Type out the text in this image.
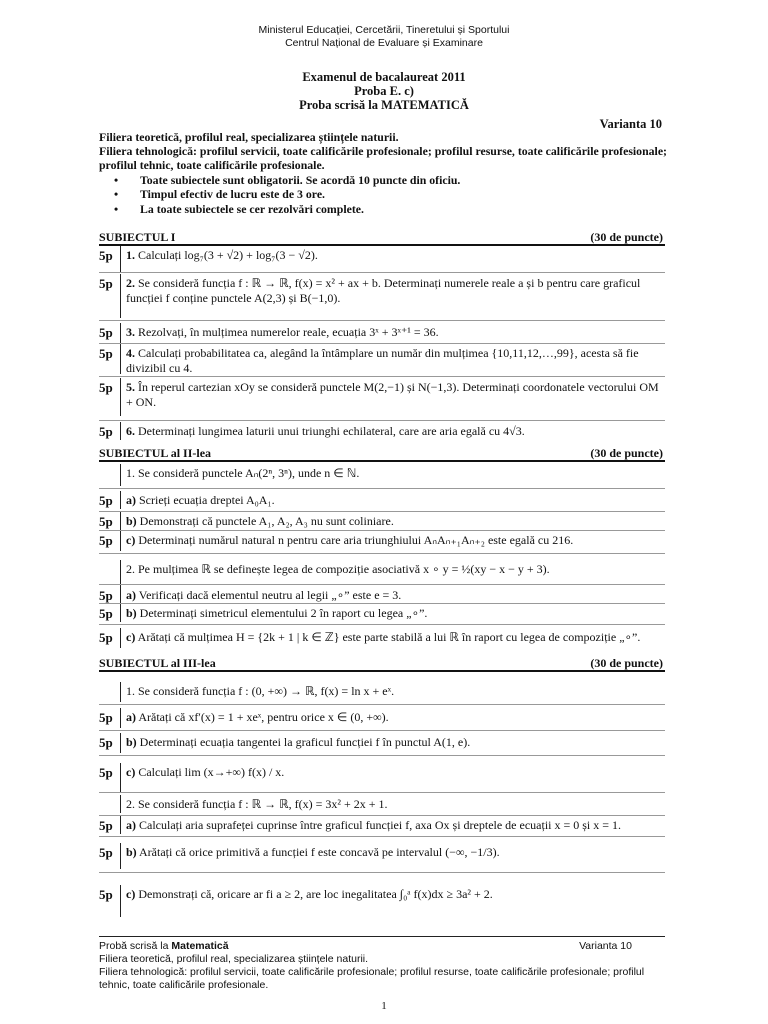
Ministerul Educației, Cercetării, Tineretului și Sportului
Centrul Național de Evaluare și Examinare
Examenul de bacalaureat 2011
Proba E. c)
Proba scrisă la MATEMATICĂ
Varianta 10
Filiera teoretică, profilul real, specializarea științele naturii.
Filiera tehnologică: profilul servicii, toate calificările profesionale; profilul resurse, toate calificările profesionale; profilul tehnic, toate calificările profesionale.
• Toate subiectele sunt obligatorii. Se acordă 10 puncte din oficiu.
• Timpul efectiv de lucru este de 3 ore.
• La toate subiectele se cer rezolvări complete.
SUBIECTUL I	(30 de puncte)
5p 1. Calculați log₇(3 + √2) + log₇(3 − √2).
5p 2. Se consideră funcția f : ℝ → ℝ, f(x) = x² + ax + b. Determinați numerele reale a și b pentru care graficul funcției f conține punctele A(2,3) și B(−1,0).
5p 3. Rezolvați, în mulțimea numerelor reale, ecuația 3ˣ + 3ˣ⁺¹ = 36.
5p 4. Calculați probabilitatea ca, alegând la întâmplare un număr din mulțimea {10,11,12,…,99}, acesta să fie divizibil cu 4.
5p 5. În reperul cartezian xOy se consideră punctele M(2,−1) și N(−1,3). Determinați coordonatele vectorului OM + ON.
5p 6. Determinați lungimea laturii unui triunghi echilateral, care are aria egală cu 4√3.
SUBIECTUL al II-lea	(30 de puncte)
1. Se consideră punctele Aₙ(2ⁿ, 3ⁿ), unde n ∈ ℕ.
5p a) Scrieți ecuația dreptei A₀A₁.
5p b) Demonstrați că punctele A₁, A₂, A₃ nu sunt coliniare.
5p c) Determinați numărul natural n pentru care aria triunghiului AₙAₙ₊₁Aₙ₊₂ este egală cu 216.
2. Pe mulțimea ℝ se definește legea de compoziție asociativă x ∘ y = ½(xy − x − y + 3).
5p a) Verificați dacă elementul neutru al legii „∘” este e = 3.
5p b) Determinați simetricul elementului 2 în raport cu legea „∘”.
5p c) Arătați că mulțimea H = {2k + 1 | k ∈ ℤ} este parte stabilă a lui ℝ în raport cu legea de compoziție „∘”.
SUBIECTUL al III-lea	(30 de puncte)
1. Se consideră funcția f : (0, +∞) → ℝ, f(x) = ln x + eˣ.
5p a) Arătați că xf′(x) = 1 + xeˣ, pentru orice x ∈ (0, +∞).
5p b) Determinați ecuația tangentei la graficul funcției f în punctul A(1, e).
5p c) Calculați lim (x→+∞) f(x) / x.
2. Se consideră funcția f : ℝ → ℝ, f(x) = 3x² + 2x + 1.
5p a) Calculați aria suprafeței cuprinse între graficul funcției f, axa Ox și dreptele de ecuații x = 0 și x = 1.
5p b) Arătați că orice primitivă a funcției f este concavă pe intervalul (−∞, −1/3).
5p c) Demonstrați că, oricare ar fi a ≥ 2, are loc inegalitatea ∫₀ᵃ f(x)dx ≥ 3a² + 2.
Probă scrisă la Matematică	Varianta 10
Filiera teoretică, profilul real, specializarea științele naturii.
Filiera tehnologică: profilul servicii, toate calificările profesionale; profilul resurse, toate calificările profesionale; profilul tehnic, toate calificările profesionale.
1
